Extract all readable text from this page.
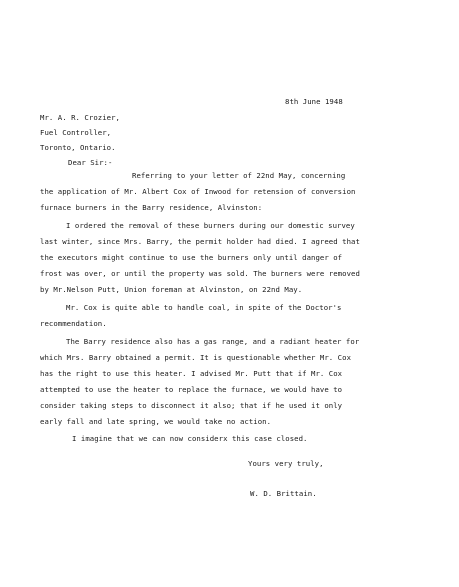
8th June 1948
Mr. A. R. Crozier,
Fuel Controller,
Toronto, Ontario.
Dear Sir:-
Referring to your letter of 22nd May, concerning
the application of Mr. Albert Cox of Inwood for retension of conversion
furnace burners in the Barry residence, Alvinston:
I ordered the removal of these burners during our domestic survey
last winter, since Mrs. Barry, the permit holder had died. I agreed that
the executors might continue to use the burners only until danger of
frost was over, or until the property was sold. The burners were removed
by Mr.Nelson Putt, Union foreman at Alvinston, on 22nd May.
Mr. Cox is quite able to handle coal, in spite of the Doctor's
recommendation.
The Barry residence also has a gas range, and a radiant heater for
which Mrs. Barry obtained a permit. It is questionable whether Mr. Cox
has the right to use this heater. I advised Mr. Putt that if Mr. Cox
attempted to use the heater to replace the furnace, we would have to
consider taking steps to disconnect it also; that if he used it only
early fall and late spring, we would take no action.
I imagine that we can now considerx this case closed.
Yours very truly,
W. D. Brittain.
